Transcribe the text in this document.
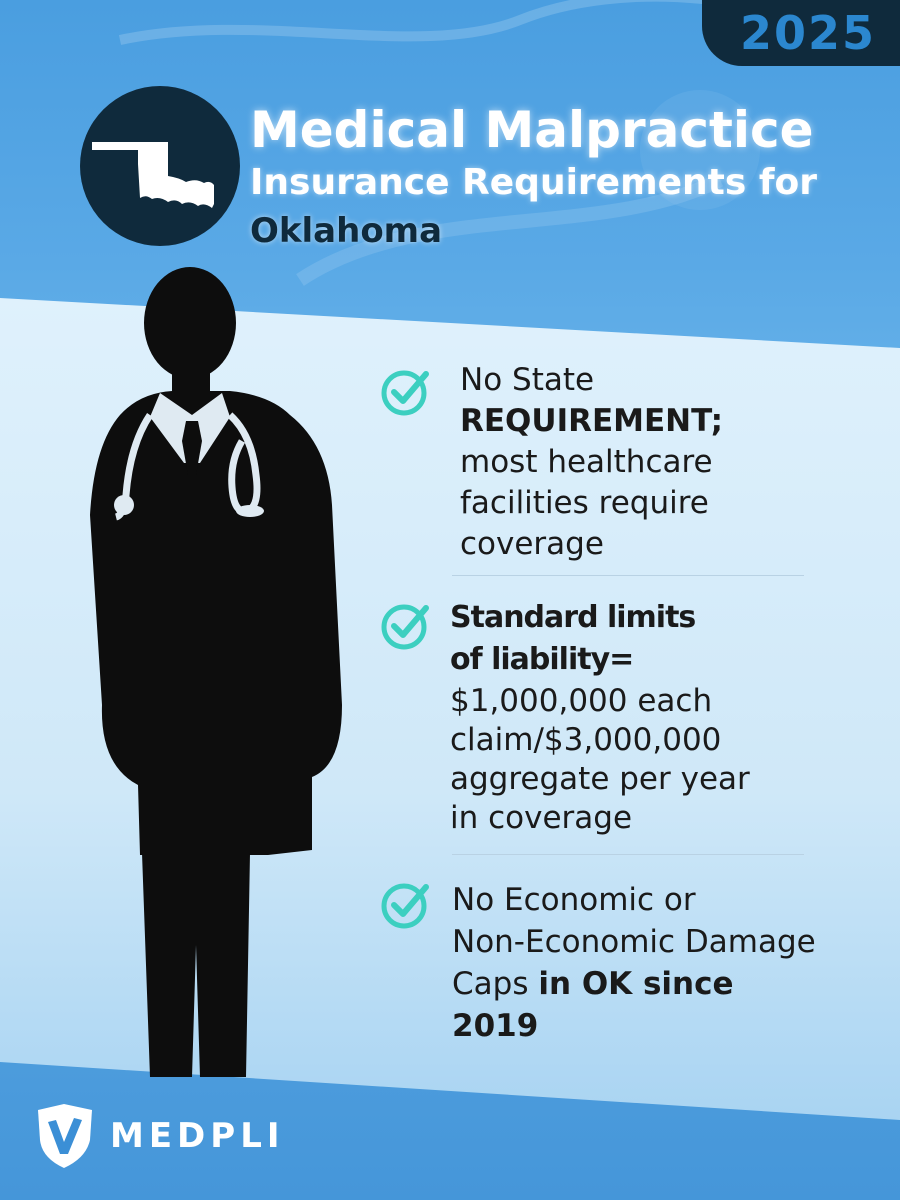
2025
Medical Malpractice
Insurance Requirements for
Oklahoma
No State
REQUIREMENT;
most healthcare
facilities require
coverage
Standard limits
of liability=
$1,000,000 each
claim/$3,000,000
aggregate per year
in coverage
No Economic or
Non-Economic Damage
Caps in OK since
2019
MEDPLI
